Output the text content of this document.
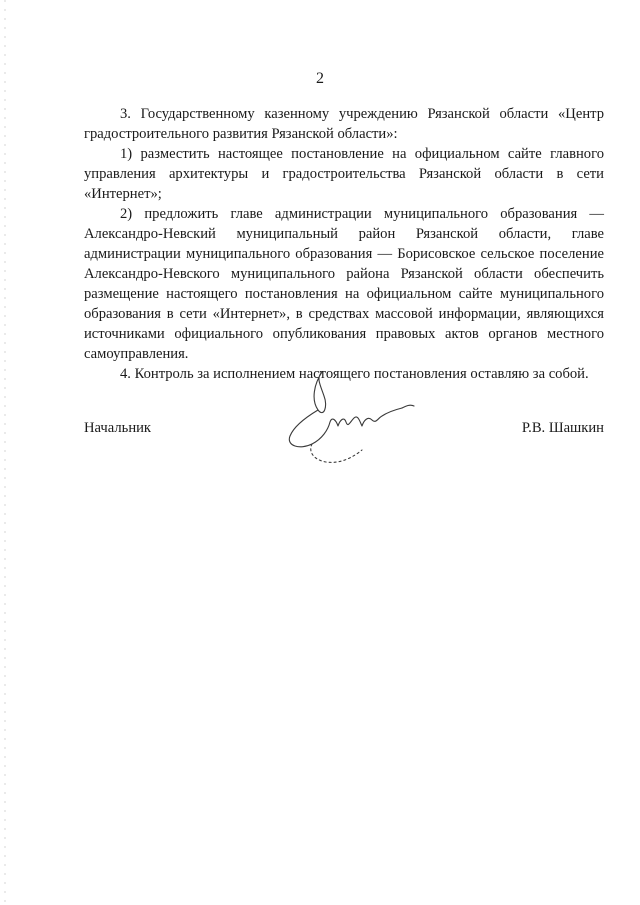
2

3. Государственному казенному учреждению Рязанской области «Центр градостроительного развития Рязанской области»:

1) разместить настоящее постановление на официальном сайте главного управления архитектуры и градостроительства Рязанской области в сети «Интернет»;

2) предложить главе администрации муниципального образования — Александро-Невский муниципальный район Рязанской области, главе администрации муниципального образования — Борисовское сельское поселение Александро-Невского муниципального района Рязанской области обеспечить размещение настоящего постановления на официальном сайте муниципального образования в сети «Интернет», в средствах массовой информации, являющихся источниками официального опубликования правовых актов органов местного самоуправления.

4. Контроль за исполнением настоящего постановления оставляю за собой.

Начальник	Р.В. Шашкин
